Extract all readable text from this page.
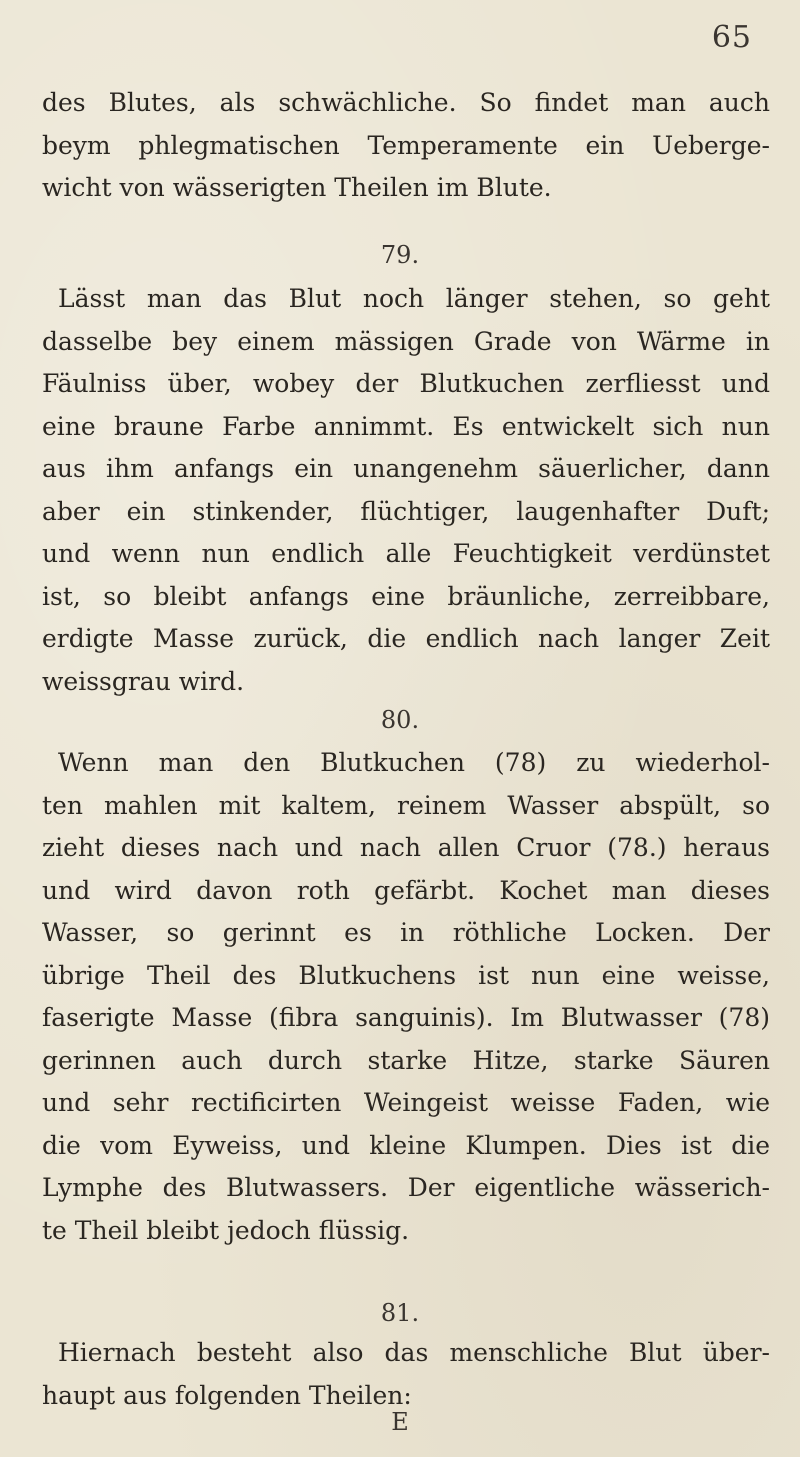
65
des Blutes, als schwächliche. So findet man auch
beym phlegmatischen Temperamente ein Ueberge-
wicht von wässerigten Theilen im Blute.
79.
Lässt man das Blut noch länger stehen, so geht
dasselbe bey einem mässigen Grade von Wärme in
Fäulniss über, wobey der Blutkuchen zerfliesst und
eine braune Farbe annimmt. Es entwickelt sich nun
aus ihm anfangs ein unangenehm säuerlicher, dann
aber ein stinkender, flüchtiger, laugenhafter Duft;
und wenn nun endlich alle Feuchtigkeit verdünstet
ist, so bleibt anfangs eine bräunliche, zerreibbare,
erdigte Masse zurück, die endlich nach langer Zeit
weissgrau wird.
80.
Wenn man den Blutkuchen (78) zu wiederhol-
ten mahlen mit kaltem, reinem Wasser abspült, so
zieht dieses nach und nach allen Cruor (78.) heraus
und wird davon roth gefärbt. Kochet man dieses
Wasser, so gerinnt es in röthliche Locken. Der
übrige Theil des Blutkuchens ist nun eine weisse,
faserigte Masse (fibra sanguinis). Im Blutwasser (78)
gerinnen auch durch starke Hitze, starke Säuren
und sehr rectificirten Weingeist weisse Faden, wie
die vom Eyweiss, und kleine Klumpen. Dies ist die
Lymphe des Blutwassers. Der eigentliche wässerich-
te Theil bleibt jedoch flüssig.
81.
Hiernach besteht also das menschliche Blut über-
haupt aus folgenden Theilen:
E
